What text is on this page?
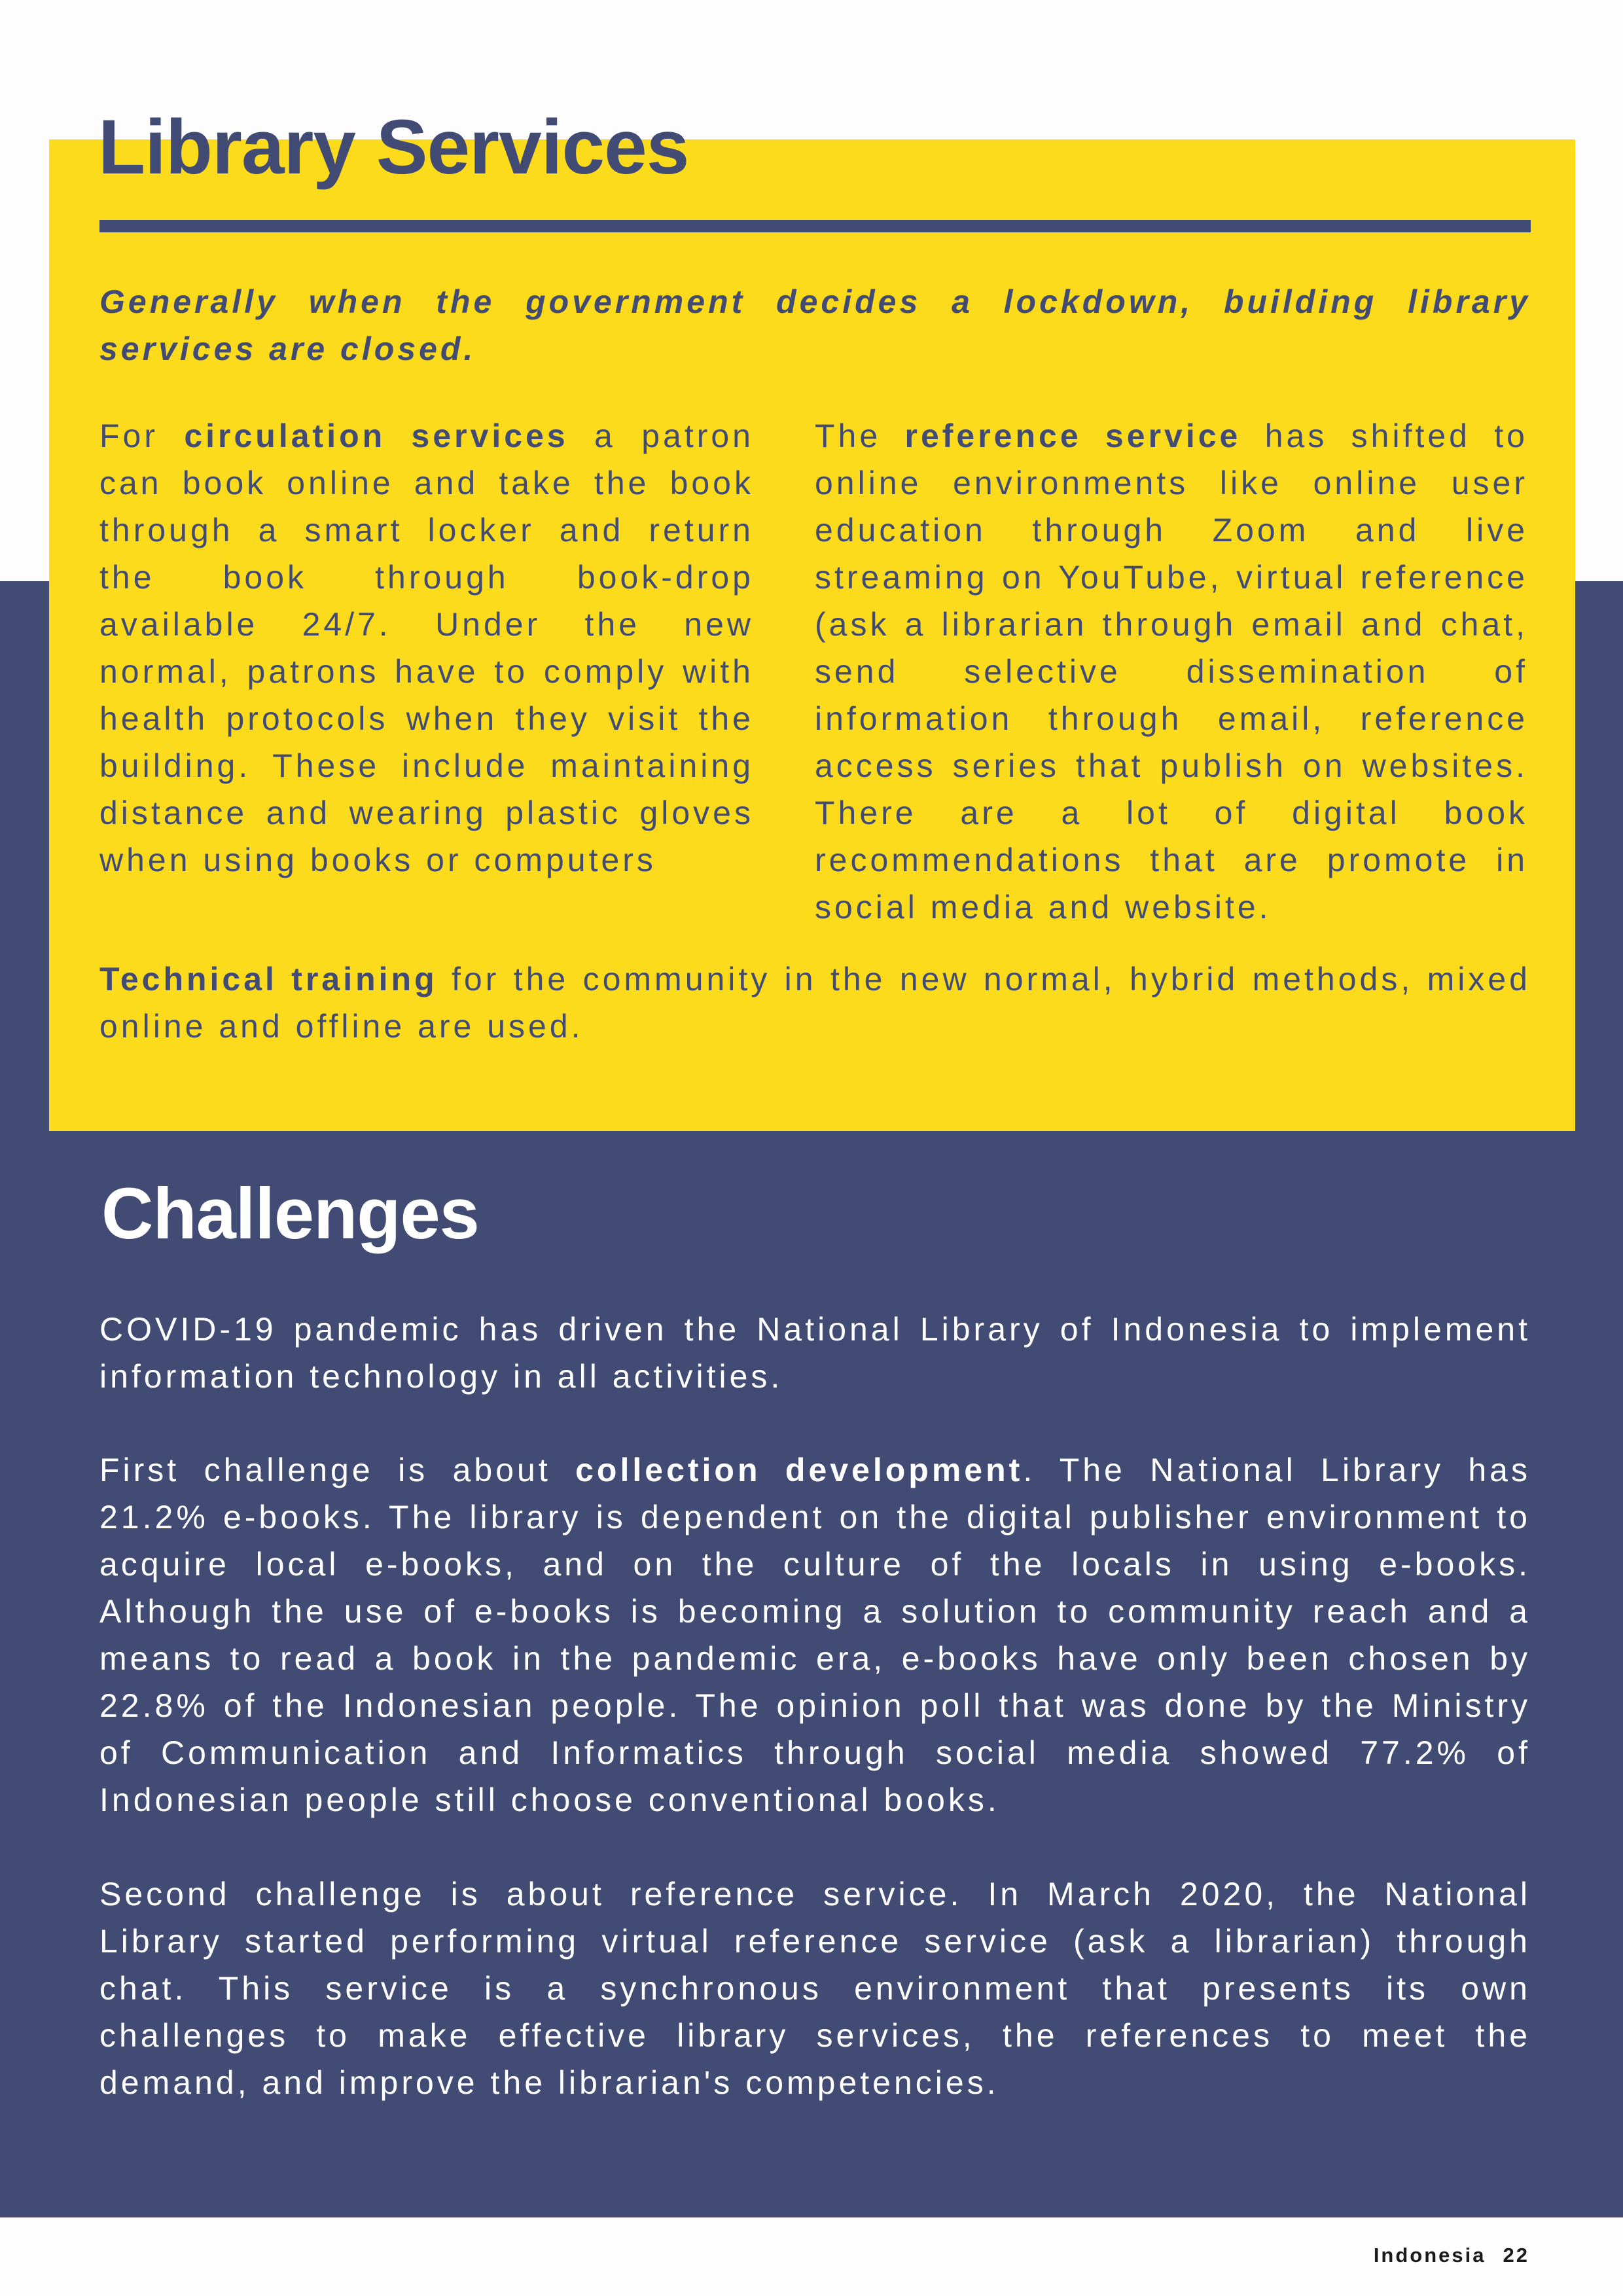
Library Services

Generally when the government decides a lockdown, building library services are closed.

For circulation services a patron can book online and take the book through a smart locker and return the book through book-drop available 24/7. Under the new normal, patrons have to comply with health protocols when they visit the building. These include maintaining distance and wearing plastic gloves when using books or computers

The reference service has shifted to online environments like online user education through Zoom and live streaming on YouTube, virtual reference (ask a librarian through email and chat, send selective dissemination of information through email, reference access series that publish on websites. There are a lot of digital book recommendations that are promote in social media and website.

Technical training for the community in the new normal, hybrid methods, mixed online and offline are used.

Challenges

COVID-19 pandemic has driven the National Library of Indonesia to implement information technology in all activities.

First challenge is about collection development. The National Library has 21.2% e-books. The library is dependent on the digital publisher environment to acquire local e-books, and on the culture of the locals in using e-books. Although the use of e-books is becoming a solution to community reach and a means to read a book in the pandemic era, e-books have only been chosen by 22.8% of the Indonesian people. The opinion poll that was done by the Ministry of Communication and Informatics through social media showed 77.2% of Indonesian people still choose conventional books.

Second challenge is about reference service. In March 2020, the National Library started performing virtual reference service (ask a librarian) through chat. This service is a synchronous environment that presents its own challenges to make effective library services, the references to meet the demand, and improve the librarian's competencies.

Indonesia 22
